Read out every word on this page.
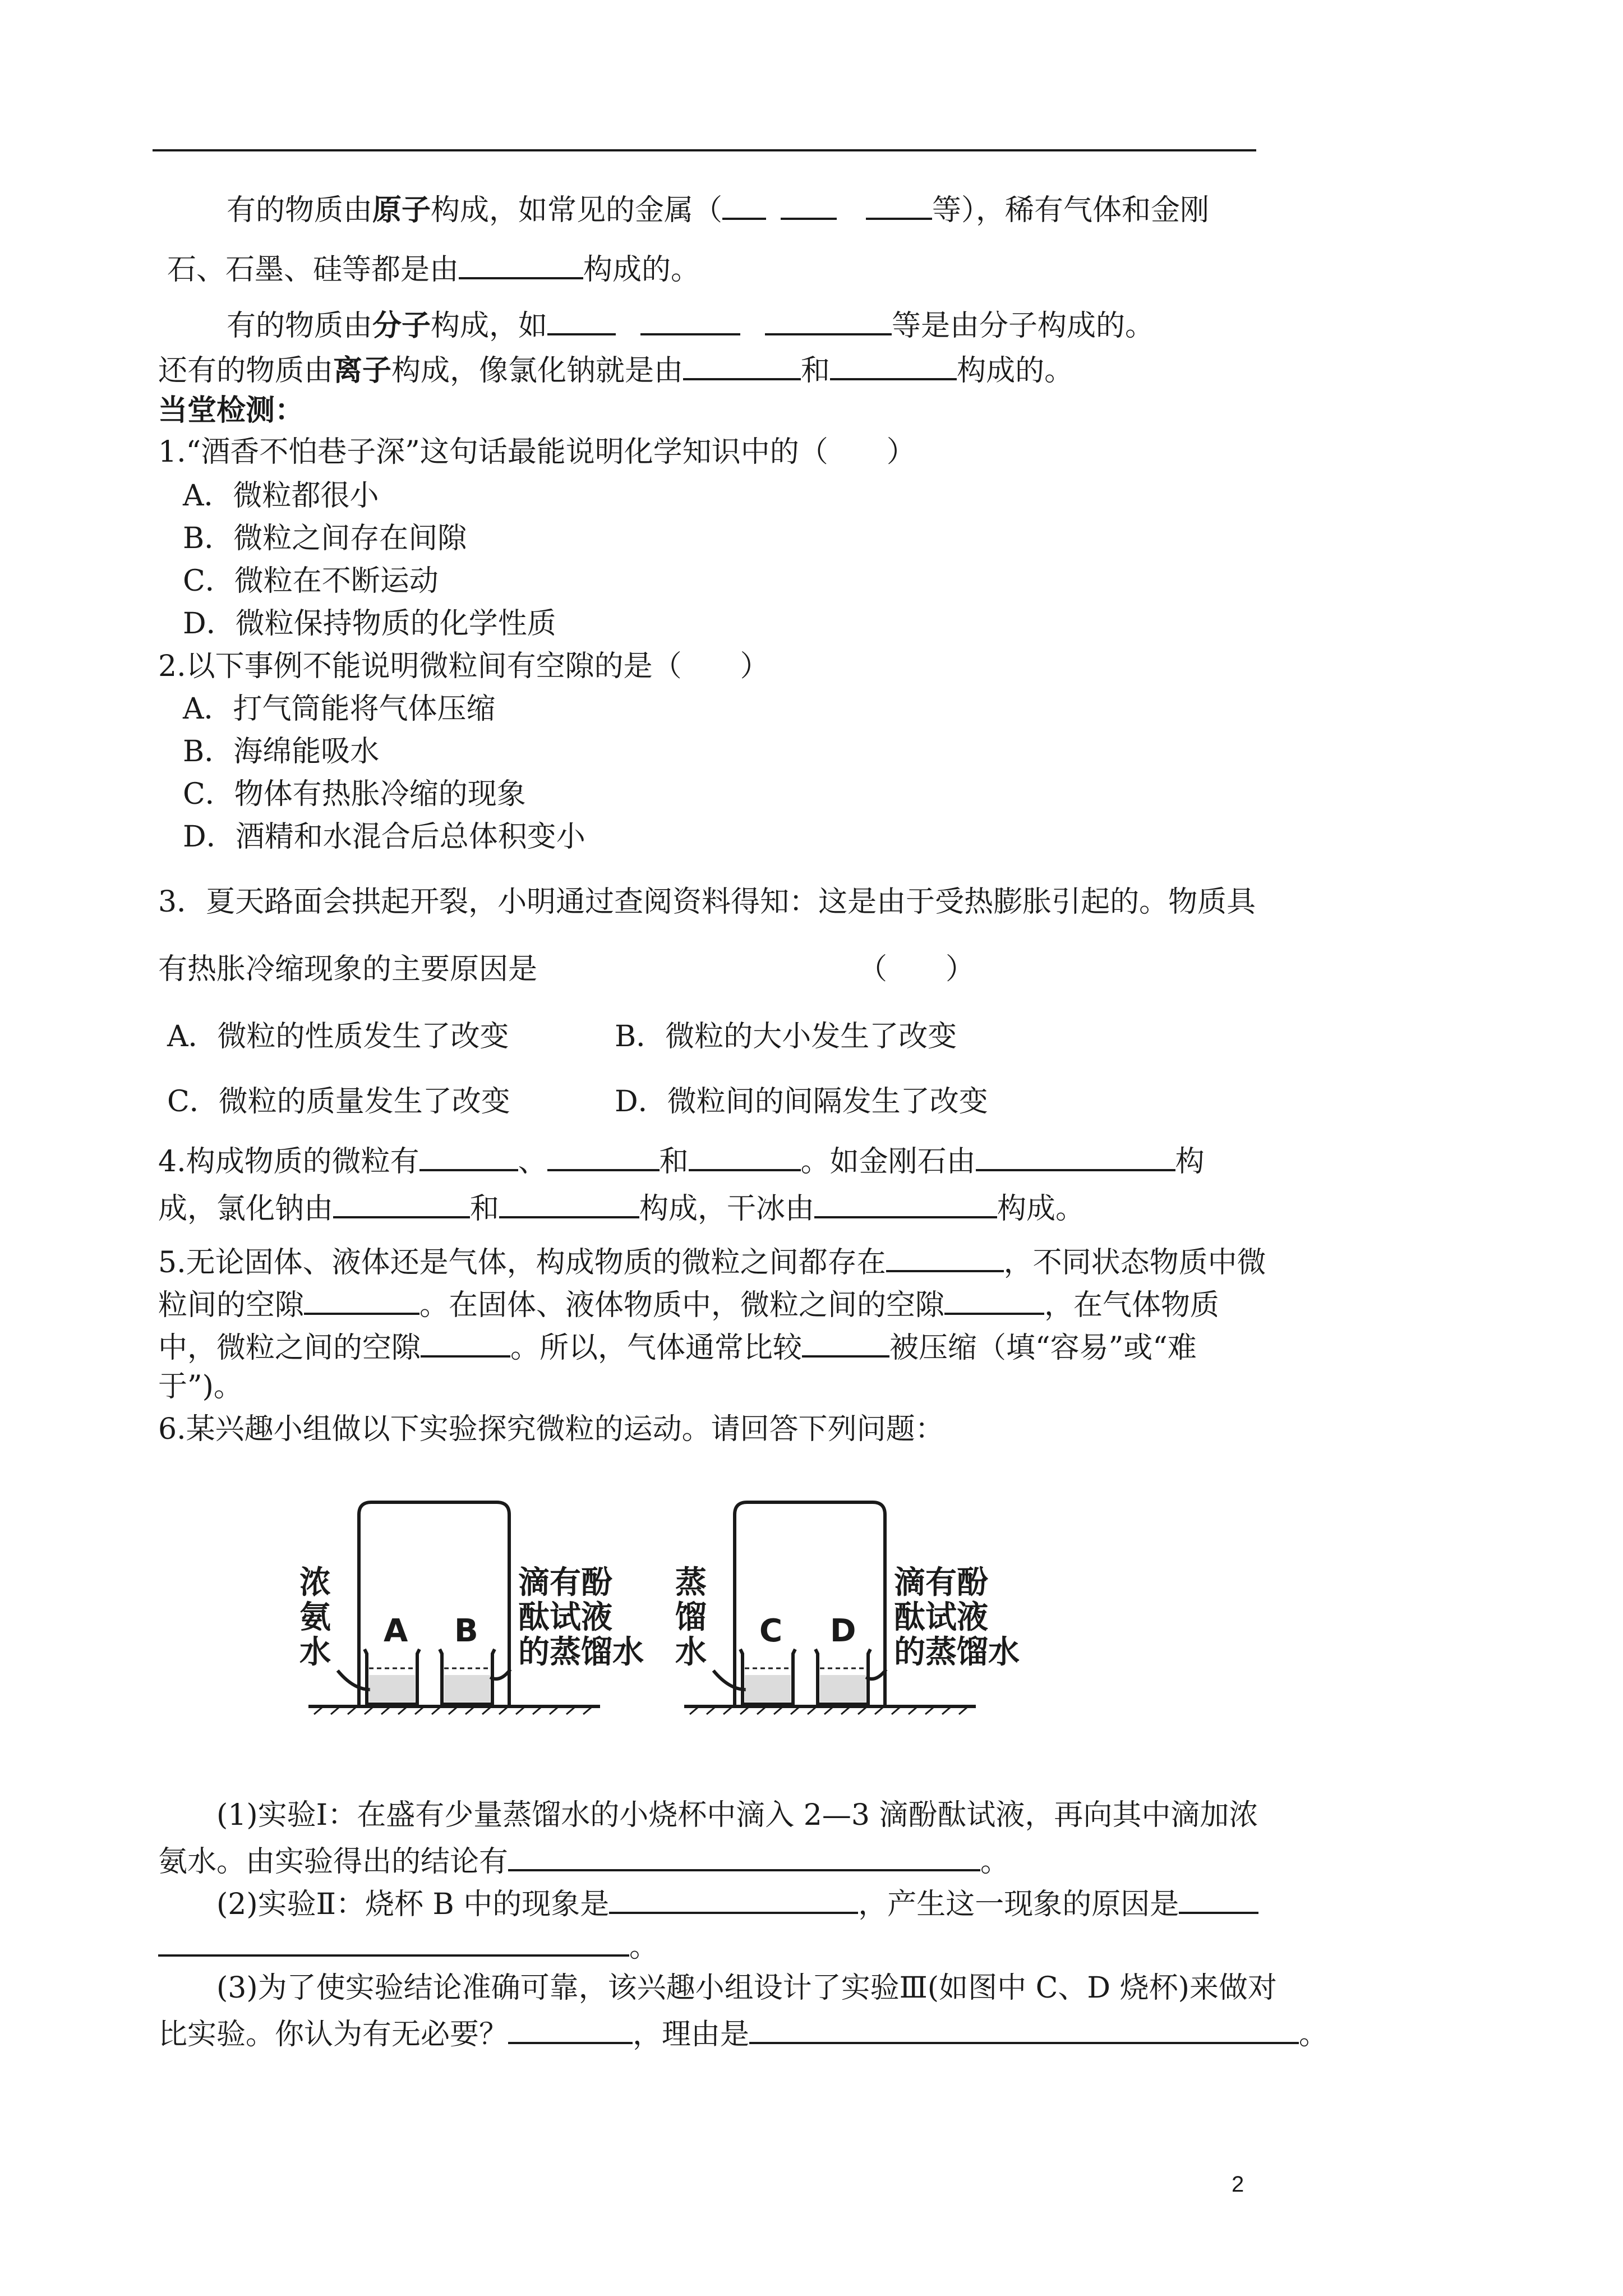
有的物质由原子构成，如常见的金属（	等），稀有气体和金刚
石、石墨、硅等都是由	构成的。
有的物质由分子构成，如	等是由分子构成的。
还有的物质由离子构成，像氯化钠就是由	和	构成的。
当堂检测：
1.“酒香不怕巷子深”这句话最能说明化学知识中的（　　）
A．微粒都很小
B．微粒之间存在间隙
C．微粒在不断运动
D．微粒保持物质的化学性质
2.以下事例不能说明微粒间有空隙的是（　　）
A．打气筒能将气体压缩
B．海绵能吸水
C．物体有热胀冷缩的现象
D．酒精和水混合后总体积变小
3．夏天路面会拱起开裂，小明通过查阅资料得知：这是由于受热膨胀引起的。物质具
有热胀冷缩现象的主要原因是	（　　）
A．微粒的性质发生了改变	B．微粒的大小发生了改变
C．微粒的质量发生了改变	D．微粒间的间隔发生了改变
4.构成物质的微粒有	、	和	。如金刚石由	构
成，氯化钠由	和	构成，干冰由	构成。
5.无论固体、液体还是气体，构成物质的微粒之间都存在	，不同状态物质中微
粒间的空隙	。在固体、液体物质中，微粒之间的空隙	，在气体物质
中，微粒之间的空隙	。所以，气体通常比较	被压缩（填“容易”或“难
于”)。
6.某兴趣小组做以下实验探究微粒的运动。请回答下列问题：
浓
氨
水
A B
滴有酚
酞试液
的蒸馏水
蒸
馏
水
C D
滴有酚
酞试液
的蒸馏水
(1)实验Ⅰ：在盛有少量蒸馏水的小烧杯中滴入 2—3 滴酚酞试液，再向其中滴加浓
氨水。由实验得出的结论有	。
(2)实验Ⅱ：烧杯 B 中的现象是	，产生这一现象的原因是
。
(3)为了使实验结论准确可靠，该兴趣小组设计了实验Ⅲ(如图中 C、D 烧杯)来做对
比实验。你认为有无必要？	，理由是	。
2
